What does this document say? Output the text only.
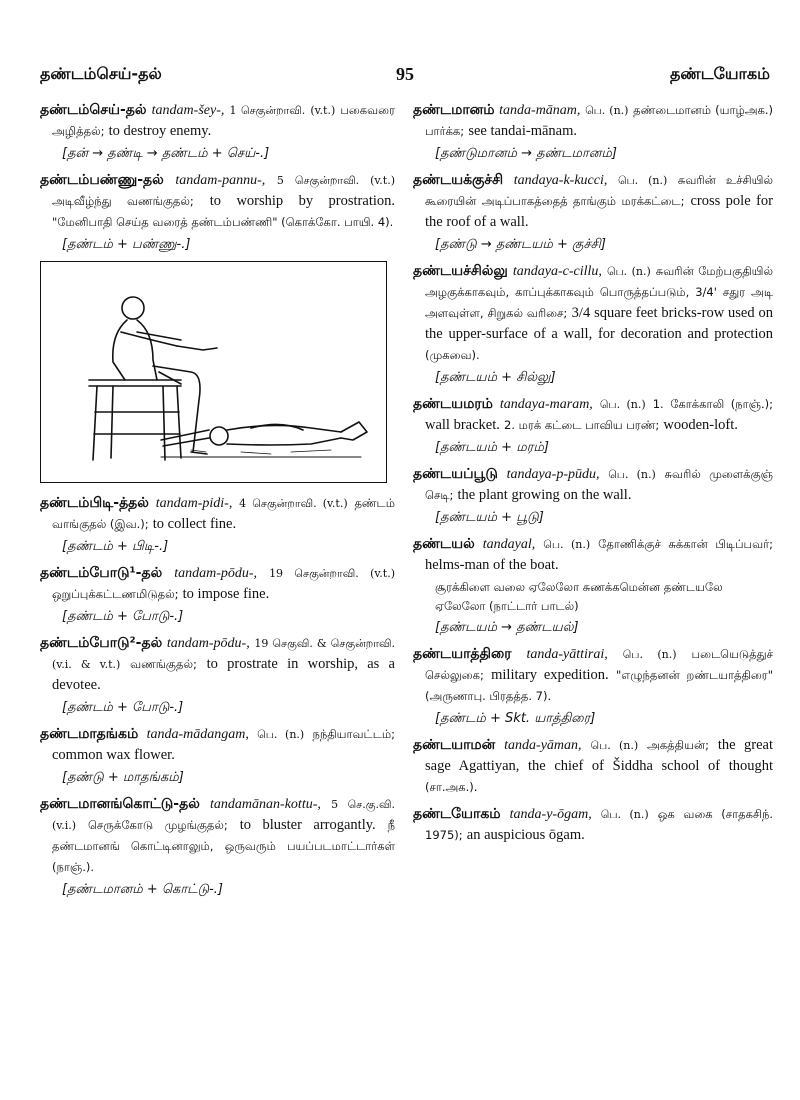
தண்டம்செய்-தல்	95	தண்டயோகம்

தண்டம்செய்-தல் tandam-šey-, 1 செகுன்றாவி. (v.t.) பகைவரை அழித்தல்; to destroy enemy.

[தன் → தண்டி → தண்டம் + செய்-.]

தண்டம்பண்ணு-தல் tandam-pannu-, 5 செகுன்றாவி. (v.t.) அடிவீழ்ந்து வணங்குதல்; to worship by prostration. "மேனிபாதி செய்த வரைத் தண்டம்பண்ணி" (கொக்கோ. பாயி. 4).

[தண்டம் + பண்ணு-.]

தண்டம்பிடி-த்தல் tandam-pidi-, 4 செகுன்றாவி. (v.t.) தண்டம் வாங்குதல் (இவ.); to collect fine.

[தண்டம் + பிடி-.]

தண்டம்போடு¹-தல் tandam-pōdu-, 19 செகுன்றாவி. (v.t.) ஒறுப்புக்கட்டணமிடுதல்; to impose fine.

[தண்டம் + போடு-.]

தண்டம்போடு²-தல் tandam-pōdu-, 19 செகுவி. & செகுன்றாவி. (v.i. & v.t.) வணங்குதல்; to prostrate in worship, as a devotee.

[தண்டம் + போடு-.]

தண்டமாதங்கம் tanda-mādangam, பெ. (n.) நந்தியாவட்டம்; common wax flower.

[தண்டு + மாதங்கம்]

தண்டமானங்கொட்டு-தல் tandamānan-kottu-, 5 செ.கு.வி. (v.i.) செருக்கோடு முழங்குதல்; to bluster arrogantly. நீ தண்டமானங் கொட்டினாலும், ஒருவரும் பயப்படமாட்டார்கள் (நாஞ்.).

[தண்டமானம் + கொட்டு-.]

தண்டமானம் tanda-mānam, பெ. (n.) தண்டைமானம் (யாழ்அக.) பார்க்க; see tandai-mānam.

[தண்டுமானம் → தண்டமானம்]

தண்டயக்குச்சி tandaya-k-kucci, பெ. (n.) சுவரின் உச்சியில் கூரையின் அடிப்பாகத்தைத் தாங்கும் மரக்கட்டை; cross pole for the roof of a wall.

[தண்டு → தண்டயம் + குச்சி]

தண்டயச்சில்லு tandaya-c-cillu, பெ. (n.) சுவரின் மேற்பகுதியில் அழகுக்காகவும், காப்புக்காகவும் பொருத்தப்படும், 3/4' சதுர அடி அளவுள்ள, சிறுகல் வரிசை; 3/4 square feet bricks-row used on the upper-surface of a wall, for decoration and protection (முகவை).

[தண்டயம் + சில்லு]

தண்டயமரம் tandaya-maram, பெ. (n.) 1. கோக்காலி (நாஞ்.); wall bracket. 2. மரக் கட்டை பாவிய பரண்; wooden-loft.

[தண்டயம் + மரம்]

தண்டயப்பூடு tandaya-p-pūdu, பெ. (n.) சுவரில் முளைக்குஞ் செடி; the plant growing on the wall.

[தண்டயம் + பூடு]

தண்டயல் tandayal, பெ. (n.) தோணிக்குச் சுக்கான் பிடிப்பவர்; helms-man of the boat.

சூரக்கிளை வலை ஏலேலோ சுணக்கமென்ன தண்டயலே ஏலேலோ (நாட்டார் பாடல்)
[தண்டயம் → தண்டயல்]

தண்டயாத்திரை tanda-yāttirai, பெ. (n.) படையெடுத்துச் செல்லுகை; military expedition. "எழுந்தனன் றண்டயாத்திரை" (அருணாபு. பிரதத்த. 7).

[தண்டம் + Skt. யாத்திரை]

தண்டயாமன் tanda-yāman, பெ. (n.) அகத்தியன்; the great sage Agattiyan, the chief of Šiddha school of thought (சா.அக.).

தண்டயோகம் tanda-y-ōgam, பெ. (n.) ஒக வகை (சாதகசிந். 1975); an auspicious ōgam.
